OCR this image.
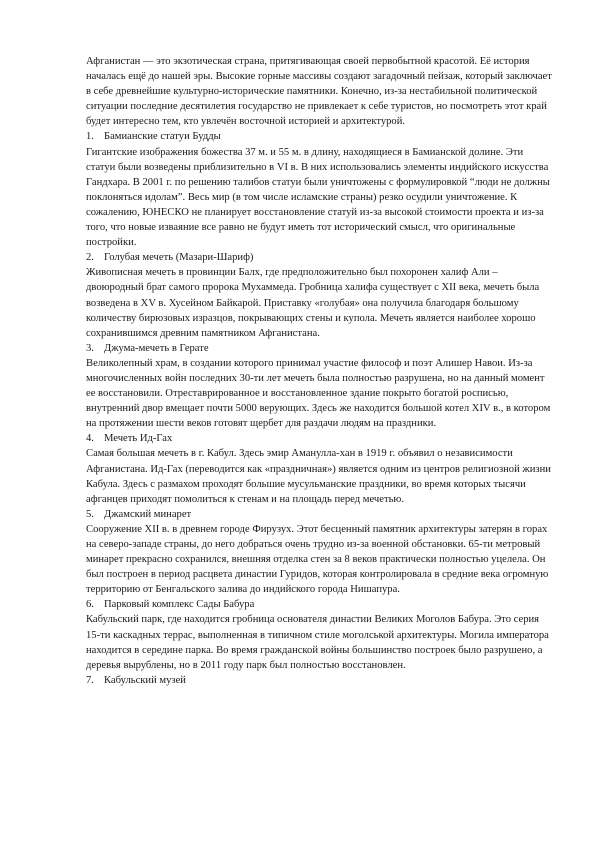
Афганистан — это экзотическая страна, притягивающая своей первобытной красотой. Её история началась ещё до нашей эры. Высокие горные массивы создают загадочный пейзаж, который заключает в себе древнейшие культурно-исторические памятники. Конечно, из-за нестабильной политической ситуации последние десятилетия государство не привлекает к себе туристов, но посмотреть этот край будет интересно тем, кто увлечён восточной историей и архитектурой.

1. Бамианские статуи Будды

Гигантские изображения божества 37 м. и 55 м. в длину, находящиеся в Бамианской долине. Эти статуи были возведены приблизительно в VI в. В них использовались элементы индийского искусства Гандхара. В 2001 г. по решению талибов статуи были уничтожены с формулировкой “люди не должны поклоняться идолам”. Весь мир (в том числе исламские страны) резко осудили уничтожение. К сожалению, ЮНЕСКО не планирует восстановление статуй из-за высокой стоимости проекта и из-за того, что новые изваяние все равно не будут иметь тот исторический смысл, что оригинальные постройки.

2. Голубая мечеть (Мазари-Шариф)

Живописная мечеть в провинции Балх, где предположительно был похоронен халиф Али – двоюродный брат самого пророка Мухаммеда. Гробница халифа существует с XII века, мечеть была возведена в XV в. Хусейном Байкарой. Приставку «голубая» она получила благодаря большому количеству бирюзовых изразцов, покрывающих стены и купола. Мечеть является наиболее хорошо сохранившимся древним памятником Афганистана.

3. Джума-мечеть в Герате

Великолепный храм, в создании которого принимал участие философ и поэт Алишер Навои. Из-за многочисленных войн последних 30-ти лет мечеть была полностью разрушена, но на данный момент ее восстановили. Отреставрированное и восстановленное здание покрыто богатой росписью, внутренний двор вмещает почти 5000 верующих. Здесь же находится большой котел XIV в., в котором на протяжении шести веков готовят щербет для раздачи людям на праздники.

4. Мечеть Ид-Гах

Самая большая мечеть в г. Кабул. Здесь эмир Аманулла-хан в 1919 г. объявил о независимости Афганистана. Ид-Гах (переводится как «праздничная») является одним из центров религиозной жизни Кабула. Здесь с размахом проходят большие мусульманские праздники, во время которых тысячи афганцев приходят помолиться к стенам и на площадь перед мечетью.

5. Джамский минарет

Сооружение XII в. в древнем городе Фирузух. Этот бесценный памятник архитектуры затерян в горах на северо-западе страны, до него добраться очень трудно из-за военной обстановки. 65-ти метровый минарет прекрасно сохранился, внешняя отделка стен за 8 веков практически полностью уцелела. Он был построен в период расцвета династии Гуридов, которая контролировала в средние века огромную территорию от Бенгальского залива до индийского города Нишапура.

6. Парковый комплекс Сады Бабура

Кабульский парк, где находится гробница основателя династии Великих Моголов Бабура. Это серия 15-ти каскадных террас, выполненная в типичном стиле моголськой архитектуры. Могила императора находится в середине парка. Во время гражданской войны большинство построек было разрушено, а деревья вырублены, но в 2011 году парк был полностью восстановлен.

7. Кабульский музей
